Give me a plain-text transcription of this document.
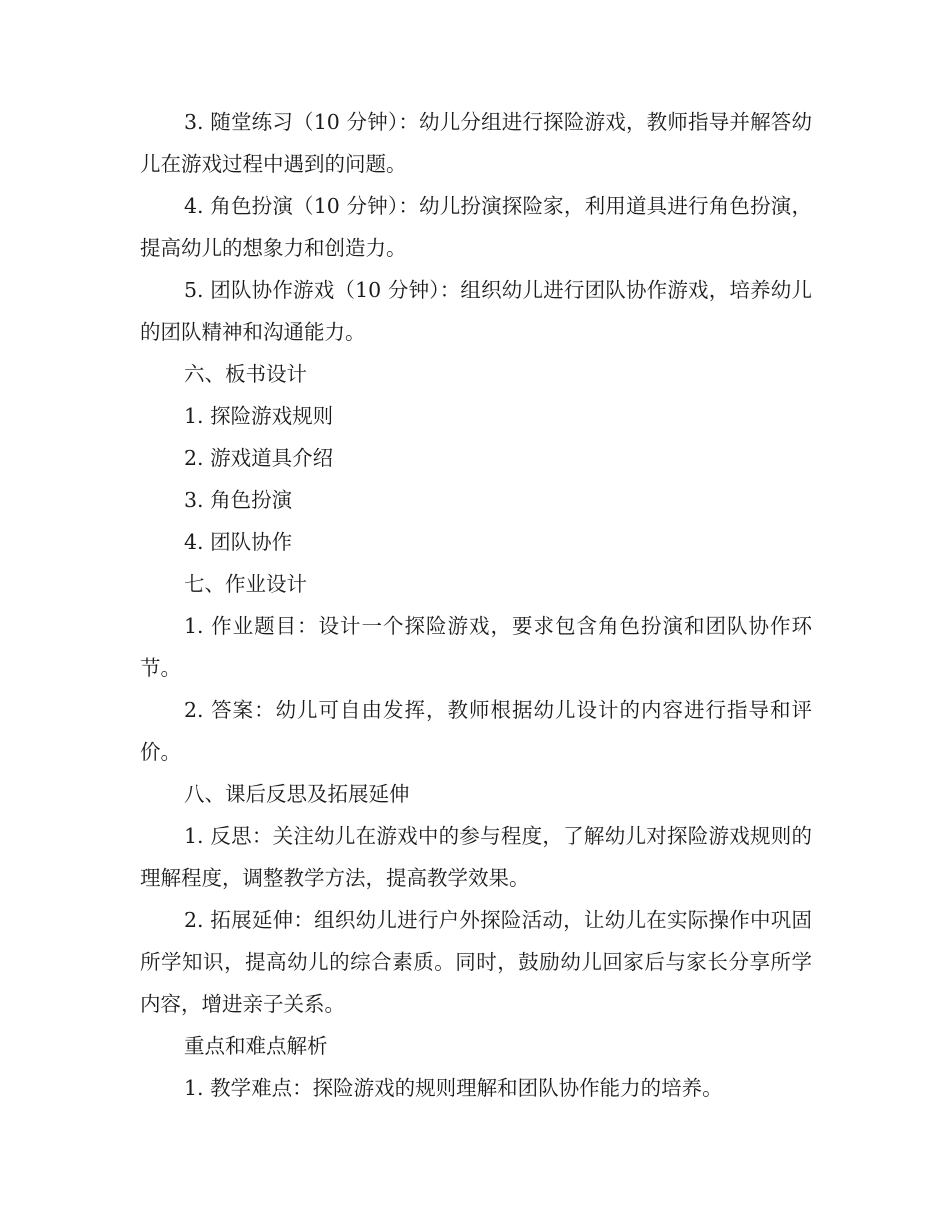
3. 随堂练习（10 分钟）：幼儿分组进行探险游戏，教师指导并解答幼儿在游戏过程中遇到的问题。

4. 角色扮演（10 分钟）：幼儿扮演探险家，利用道具进行角色扮演，提高幼儿的想象力和创造力。

5. 团队协作游戏（10 分钟）：组织幼儿进行团队协作游戏，培养幼儿的团队精神和沟通能力。

六、板书设计

1. 探险游戏规则

2. 游戏道具介绍

3. 角色扮演

4. 团队协作

七、作业设计

1. 作业题目：设计一个探险游戏，要求包含角色扮演和团队协作环节。

2. 答案：幼儿可自由发挥，教师根据幼儿设计的内容进行指导和评价。

八、课后反思及拓展延伸

1. 反思：关注幼儿在游戏中的参与程度，了解幼儿对探险游戏规则的理解程度，调整教学方法，提高教学效果。

2. 拓展延伸：组织幼儿进行户外探险活动，让幼儿在实际操作中巩固所学知识，提高幼儿的综合素质。同时，鼓励幼儿回家后与家长分享所学内容，增进亲子关系。

重点和难点解析

1. 教学难点：探险游戏的规则理解和团队协作能力的培养。
